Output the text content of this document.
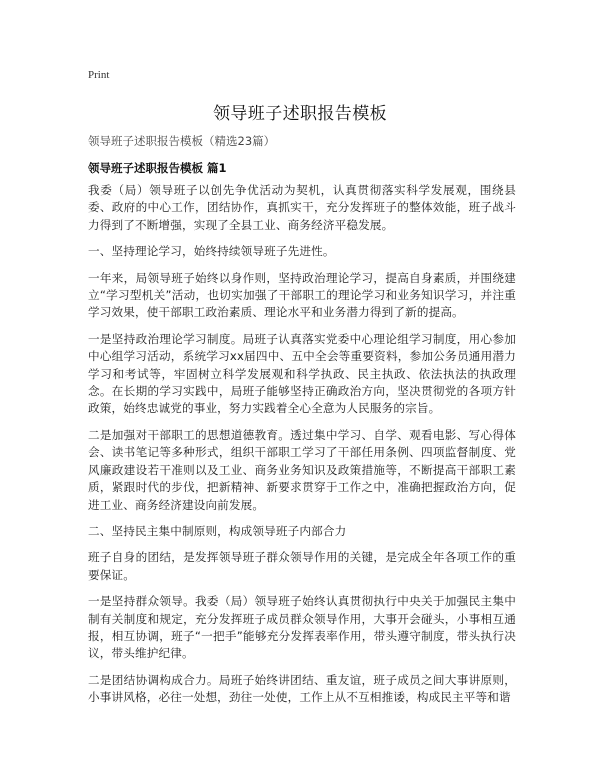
Print
领导班子述职报告模板
领导班子述职报告模板（精选23篇）
领导班子述职报告模板 篇1

我委（局）领导班子以创先争优活动为契机，认真贯彻落实科学发展观，围绕县委、政府的中心工作，团结协作，真抓实干，充分发挥班子的整体效能，班子战斗力得到了不断增强，实现了全县工业、商务经济平稳发展。

一、坚持理论学习，始终持续领导班子先进性。

一年来，局领导班子始终以身作则，坚持政治理论学习，提高自身素质，并围绕建立“学习型机关”活动，也切实加强了干部职工的理论学习和业务知识学习，并注重学习效果，使干部职工政治素质、理论水平和业务潜力得到了新的提高。

一是坚持政治理论学习制度。局班子认真落实党委中心理论组学习制度，用心参加中心组学习活动，系统学习xx届四中、五中全会等重要资料，参加公务员通用潜力学习和考试等，牢固树立科学发展观和科学执政、民主执政、依法执法的执政理念。在长期的学习实践中，局班子能够坚持正确政治方向，坚决贯彻党的各项方针政策，始终忠诚党的事业，努力实践着全心全意为人民服务的宗旨。

二是加强对干部职工的思想道德教育。透过集中学习、自学、观看电影、写心得体会、读书笔记等多种形式，组织干部职工学习了干部任用条例、四项监督制度、党风廉政建设若干准则以及工业、商务业务知识及政策措施等，不断提高干部职工素质，紧跟时代的步伐，把新精神、新要求贯穿于工作之中，准确把握政治方向，促进工业、商务经济建设向前发展。

二、坚持民主集中制原则，构成领导班子内部合力

班子自身的团结，是发挥领导班子群众领导作用的关键，是完成全年各项工作的重要保证。

一是坚持群众领导。我委（局）领导班子始终认真贯彻执行中央关于加强民主集中制有关制度和规定，充分发挥班子成员群众领导作用，大事开会碰头，小事相互通报，相互协调，班子“一把手”能够充分发挥表率作用，带头遵守制度，带头执行决议，带头维护纪律。

二是团结协调构成合力。局班子始终讲团结、重友谊，班子成员之间大事讲原则，小事讲风格，必往一处想，劲往一处使，工作上从不互相推诿，构成民主平等和谐
